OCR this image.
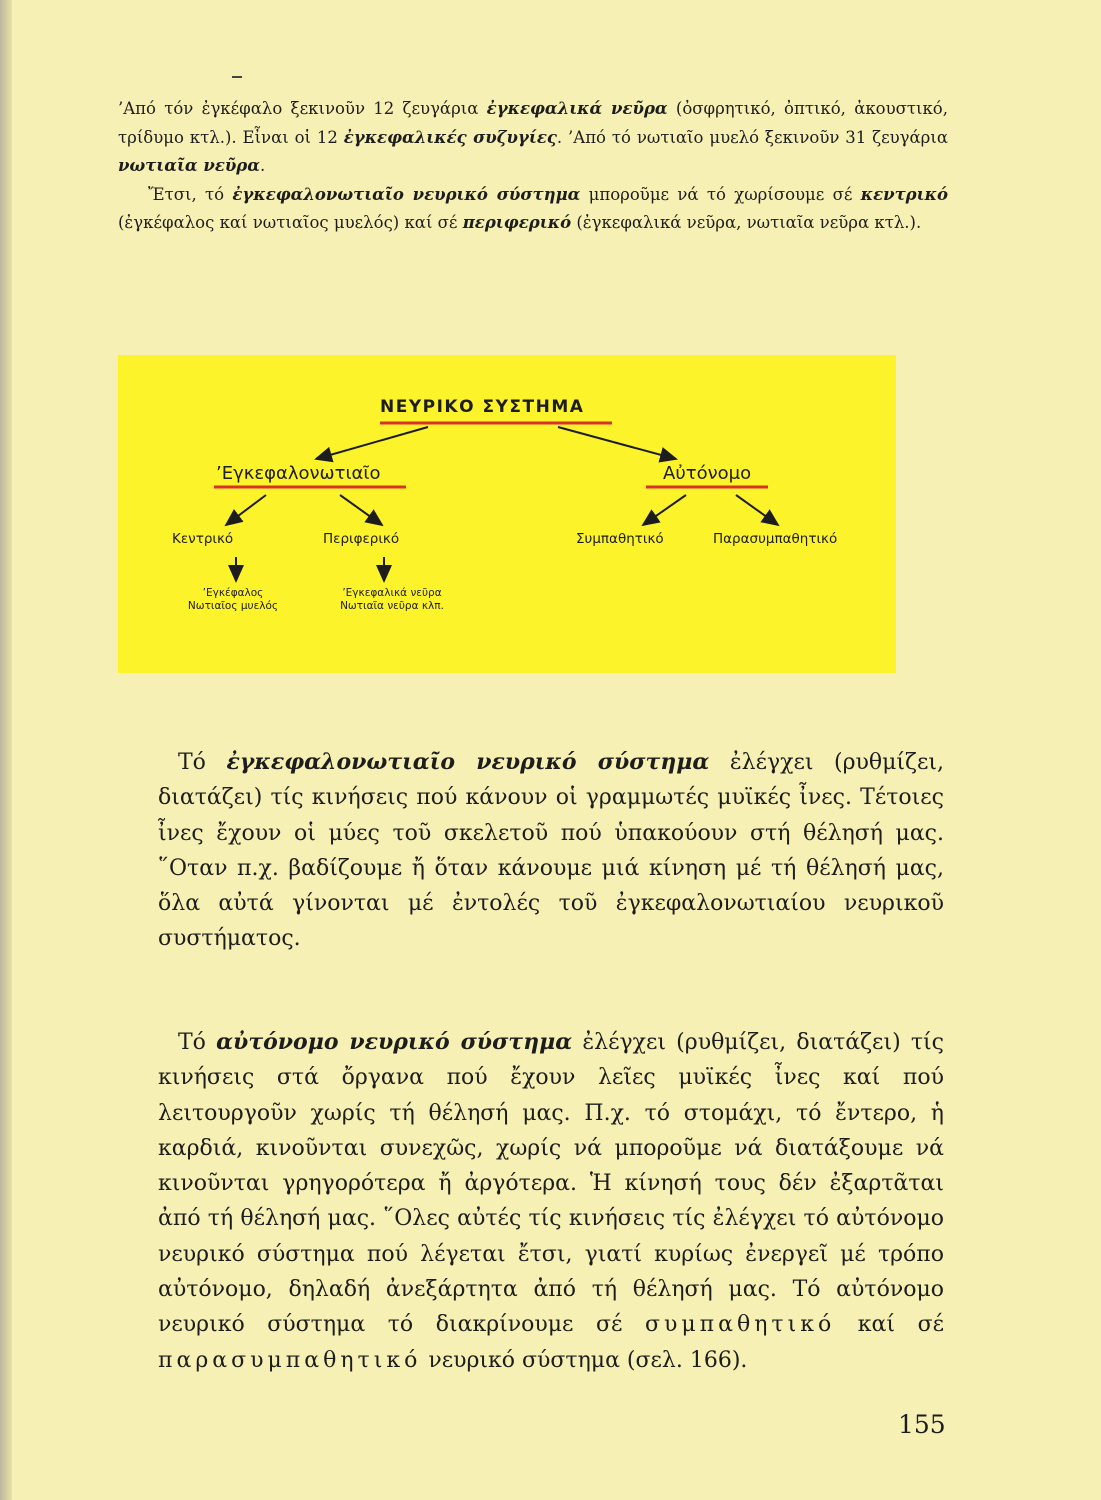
’Από τόν ἐγκέφαλο ξεκινοῦν 12 ζευγάρια ἐγκεφαλικά νεῦρα (ὀσφρητικό, ὀπτικό, ἀκουστικό, τρίδυμο κτλ.). Εἶναι οἱ 12 ἐγκεφαλικές συζυγίες. ’Από τό νωτιαῖο μυελό ξεκινοῦν 31 ζευγάρια νωτιαῖα νεῦρα.

Ἔτσι, τό ἐγκεφαλονωτιαῖο νευρικό σύστημα μποροῦμε νά τό χωρίσουμε σέ κεντρικό (ἐγκέφαλος καί νωτιαῖος μυελός) καί σέ περιφερικό (ἐγκεφαλικά νεῦρα, νωτιαῖα νεῦρα κτλ.).

ΝΕΥΡΙΚΟ ΣΥΣΤΗΜΑ
’Εγκεφαλονωτιαῖο	Αὐτόνομο
Κεντρικό	Περιφερικό	Συμπαθητικό	Παρασυμπαθητικό
’Εγκέφαλος
Νωτιαῖος μυελός
’Εγκεφαλικά νεῦρα
Νωτιαῖα νεῦρα κλπ.

Τό ἐγκεφαλονωτιαῖο νευρικό σύστημα ἐλέγχει (ρυθμίζει, διατάζει) τίς κινήσεις πού κάνουν οἱ γραμμωτές μυϊκές ἶνες. Τέτοιες ἶνες ἔχουν οἱ μύες τοῦ σκελετοῦ πού ὑπακούουν στή θέλησή μας. ῞Οταν π.χ. βαδίζουμε ἤ ὅταν κάνουμε μιά κίνηση μέ τή θέλησή μας, ὅλα αὐτά γίνονται μέ ἐντολές τοῦ ἐγκεφαλονωτιαίου νευρικοῦ συστήματος.

Τό αὐτόνομο νευρικό σύστημα ἐλέγχει (ρυθμίζει, διατάζει) τίς κινήσεις στά ὄργανα πού ἔχουν λεῖες μυϊκές ἶνες καί πού λειτουργοῦν χωρίς τή θέλησή μας. Π.χ. τό στομάχι, τό ἔντερο, ἡ καρδιά, κινοῦνται συνεχῶς, χωρίς νά μποροῦμε νά διατάξουμε νά κινοῦνται γρηγορότερα ἤ ἀργότερα. Ἡ κίνησή τους δέν ἐξαρτᾶται ἀπό τή θέλησή μας. ῞Ολες αὐτές τίς κινήσεις τίς ἐλέγχει τό αὐτόνομο νευρικό σύστημα πού λέγεται ἔτσι, γιατί κυρίως ἐνεργεῖ μέ τρόπο αὐτόνομο, δηλαδή ἀνεξάρτητα ἀπό τή θέλησή μας. Τό αὐτόνομο νευρικό σύστημα τό διακρίνουμε σέ συμπαθητικό καί σέ παρασυμπαθητικό νευρικό σύστημα (σελ. 166).

155
